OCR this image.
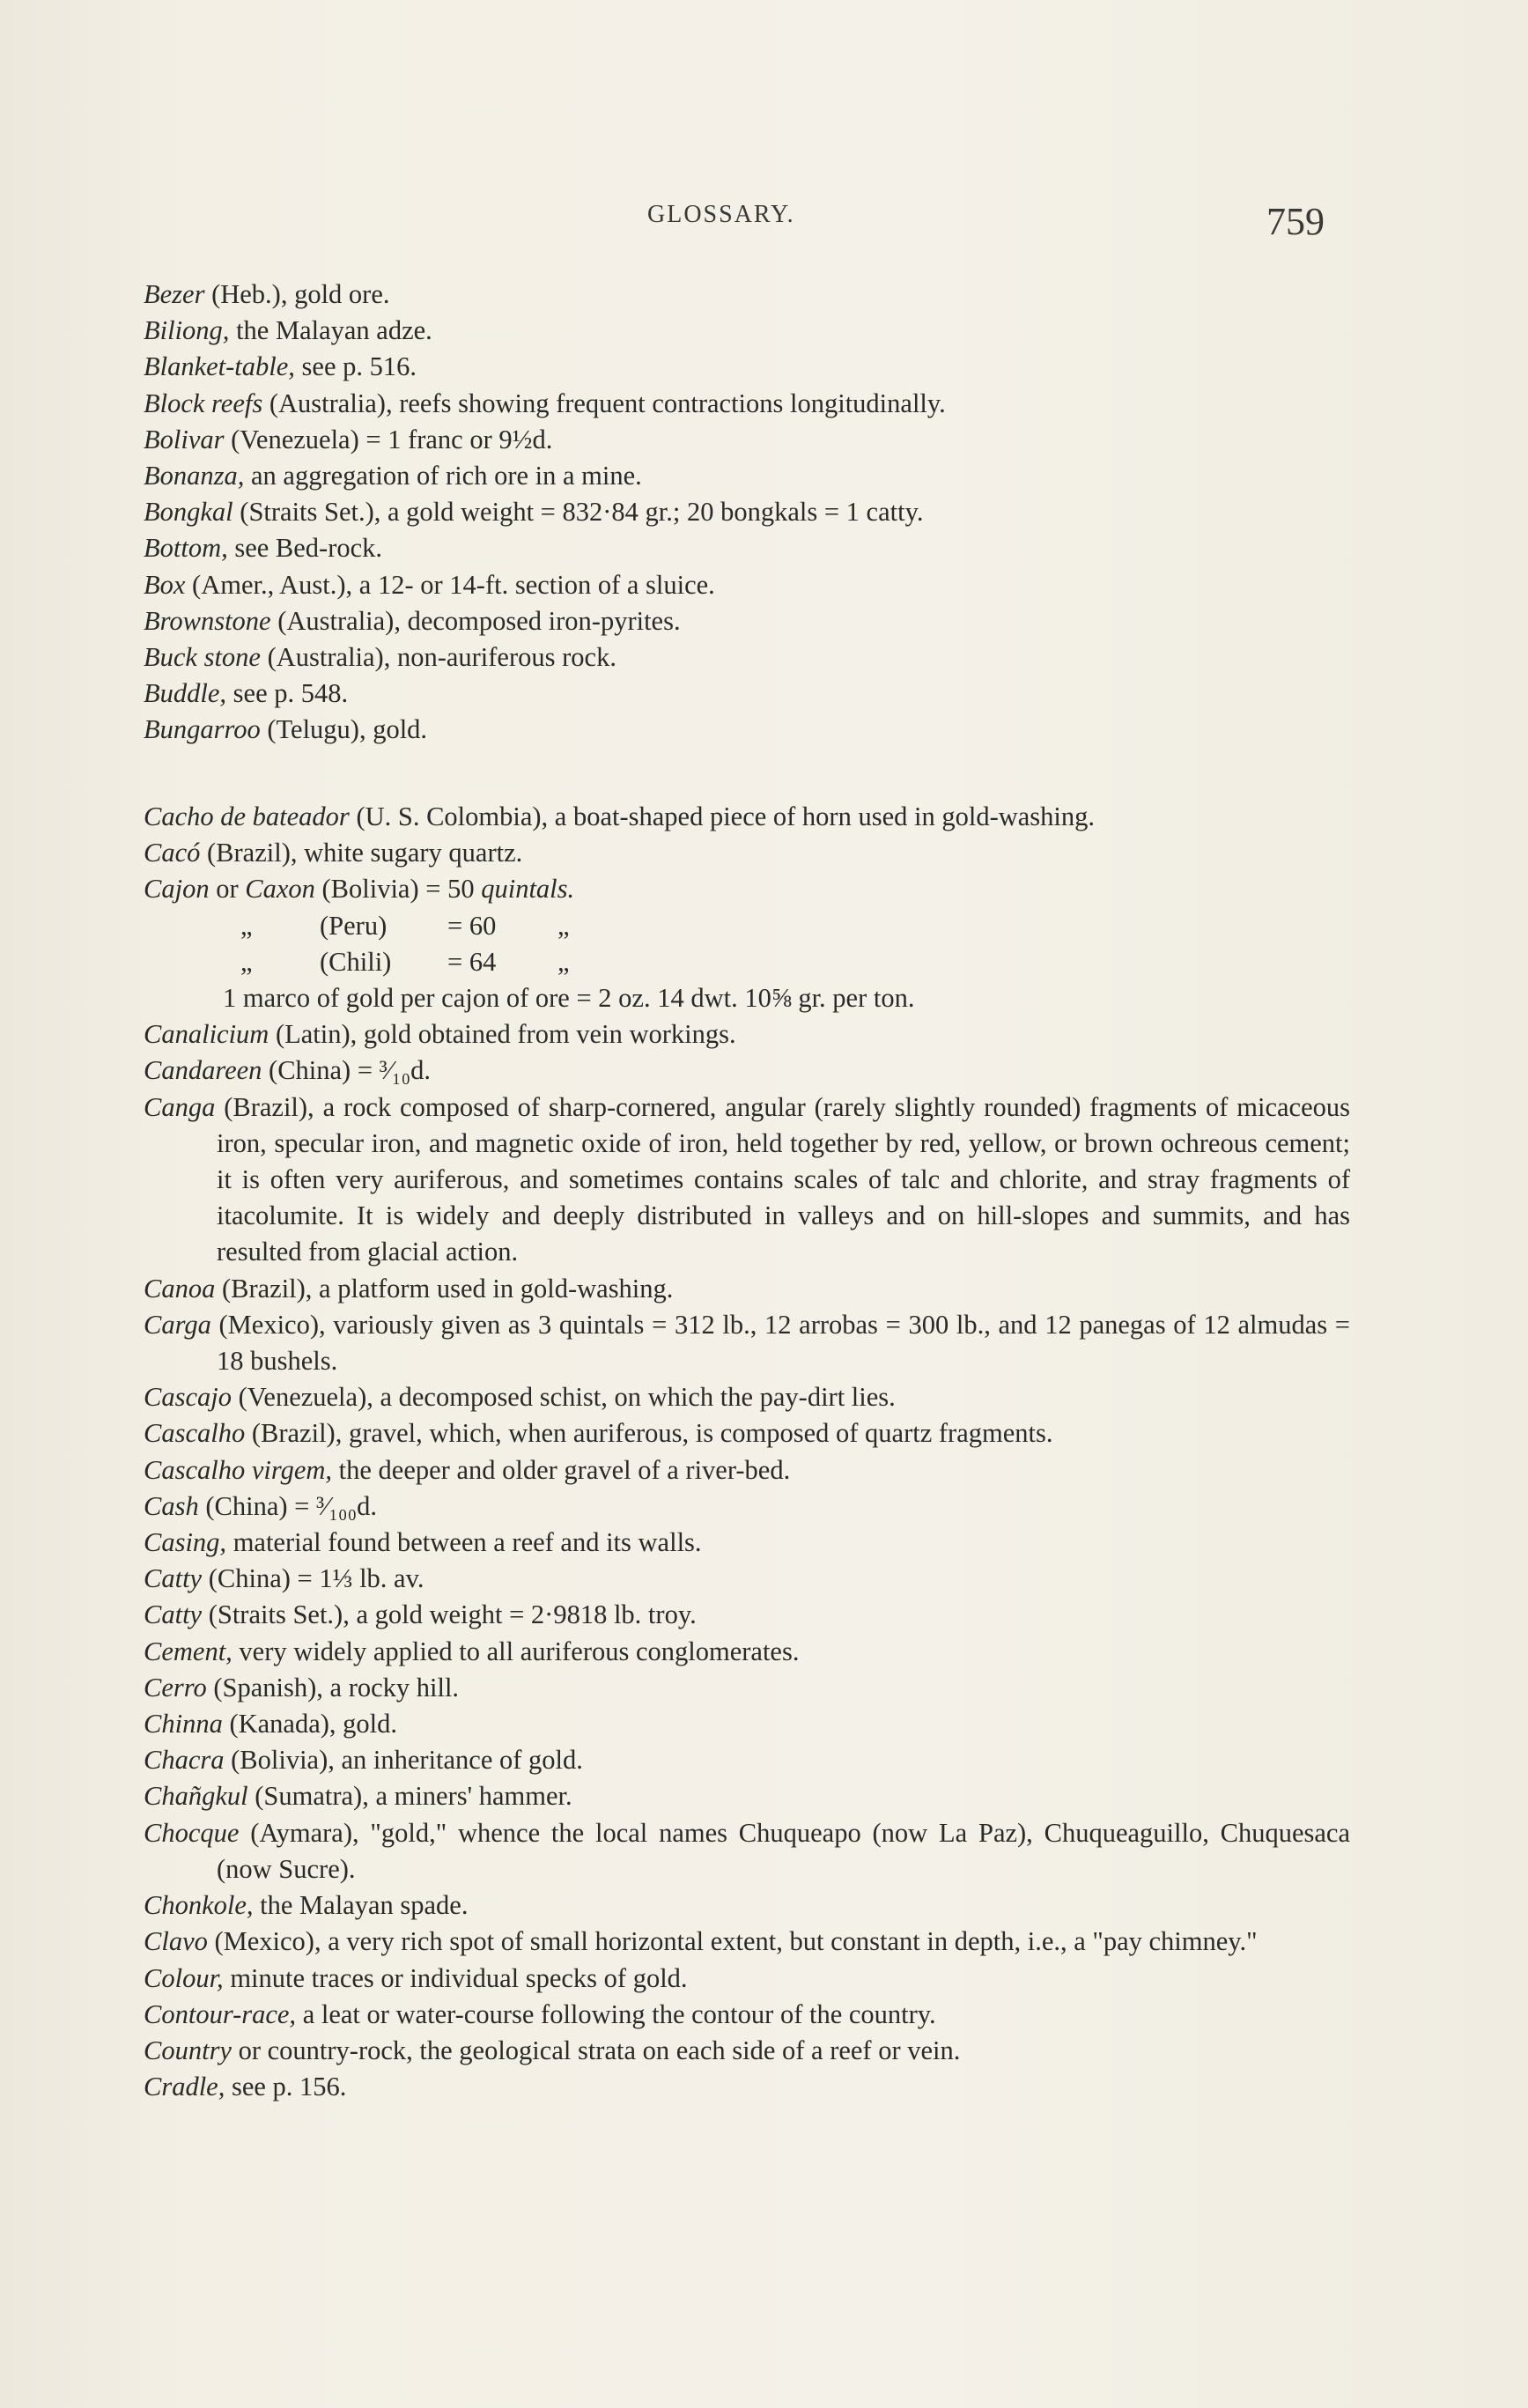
GLOSSARY.	759

Bezer (Heb.), gold ore.

Biliong, the Malayan adze.

Blanket-table, see p. 516.

Block reefs (Australia), reefs showing frequent contractions longitudinally.

Bolivar (Venezuela) = 1 franc or 9½d.

Bonanza, an aggregation of rich ore in a mine.

Bongkal (Straits Set.), a gold weight = 832·84 gr.; 20 bongkals = 1 catty.

Bottom, see Bed-rock.

Box (Amer., Aust.), a 12- or 14-ft. section of a sluice.

Brownstone (Australia), decomposed iron-pyrites.

Buck stone (Australia), non-auriferous rock.

Buddle, see p. 548.

Bungarroo (Telugu), gold.

Cacho de bateador (U. S. Colombia), a boat-shaped piece of horn used in gold-washing.

Cacó (Brazil), white sugary quartz.

Cajon or Caxon (Bolivia) = 50 quintals.

„	(Peru) = 60 „
„	(Chili) = 64 „
1 marco of gold per cajon of ore = 2 oz. 14 dwt. 10⅝ gr. per ton.

Canalicium (Latin), gold obtained from vein workings.

Candareen (China) = ³⁄₁₀d.

Canga (Brazil), a rock composed of sharp-cornered, angular (rarely slightly rounded) fragments of micaceous iron, specular iron, and magnetic oxide of iron, held together by red, yellow, or brown ochreous cement; it is often very auriferous, and sometimes contains scales of talc and chlorite, and stray fragments of itacolumite. It is widely and deeply distributed in valleys and on hill-slopes and summits, and has resulted from glacial action.

Canoa (Brazil), a platform used in gold-washing.

Carga (Mexico), variously given as 3 quintals = 312 lb., 12 arrobas = 300 lb., and 12 panegas of 12 almudas = 18 bushels.

Cascajo (Venezuela), a decomposed schist, on which the pay-dirt lies.

Cascalho (Brazil), gravel, which, when auriferous, is composed of quartz fragments.

Cascalho virgem, the deeper and older gravel of a river-bed.

Cash (China) = ³⁄₁₀₀d.

Casing, material found between a reef and its walls.

Catty (China) = 1⅓ lb. av.

Catty (Straits Set.), a gold weight = 2·9818 lb. troy.

Cement, very widely applied to all auriferous conglomerates.

Cerro (Spanish), a rocky hill.

Chinna (Kanada), gold.

Chacra (Bolivia), an inheritance of gold.

Chañgkul (Sumatra), a miners' hammer.

Chocque (Aymara), "gold," whence the local names Chuqueapo (now La Paz), Chuqueaguillo, Chuquesaca (now Sucre).

Chonkole, the Malayan spade.

Clavo (Mexico), a very rich spot of small horizontal extent, but constant in depth, i.e., a "pay chimney."

Colour, minute traces or individual specks of gold.

Contour-race, a leat or water-course following the contour of the country.

Country or country-rock, the geological strata on each side of a reef or vein.

Cradle, see p. 156.
